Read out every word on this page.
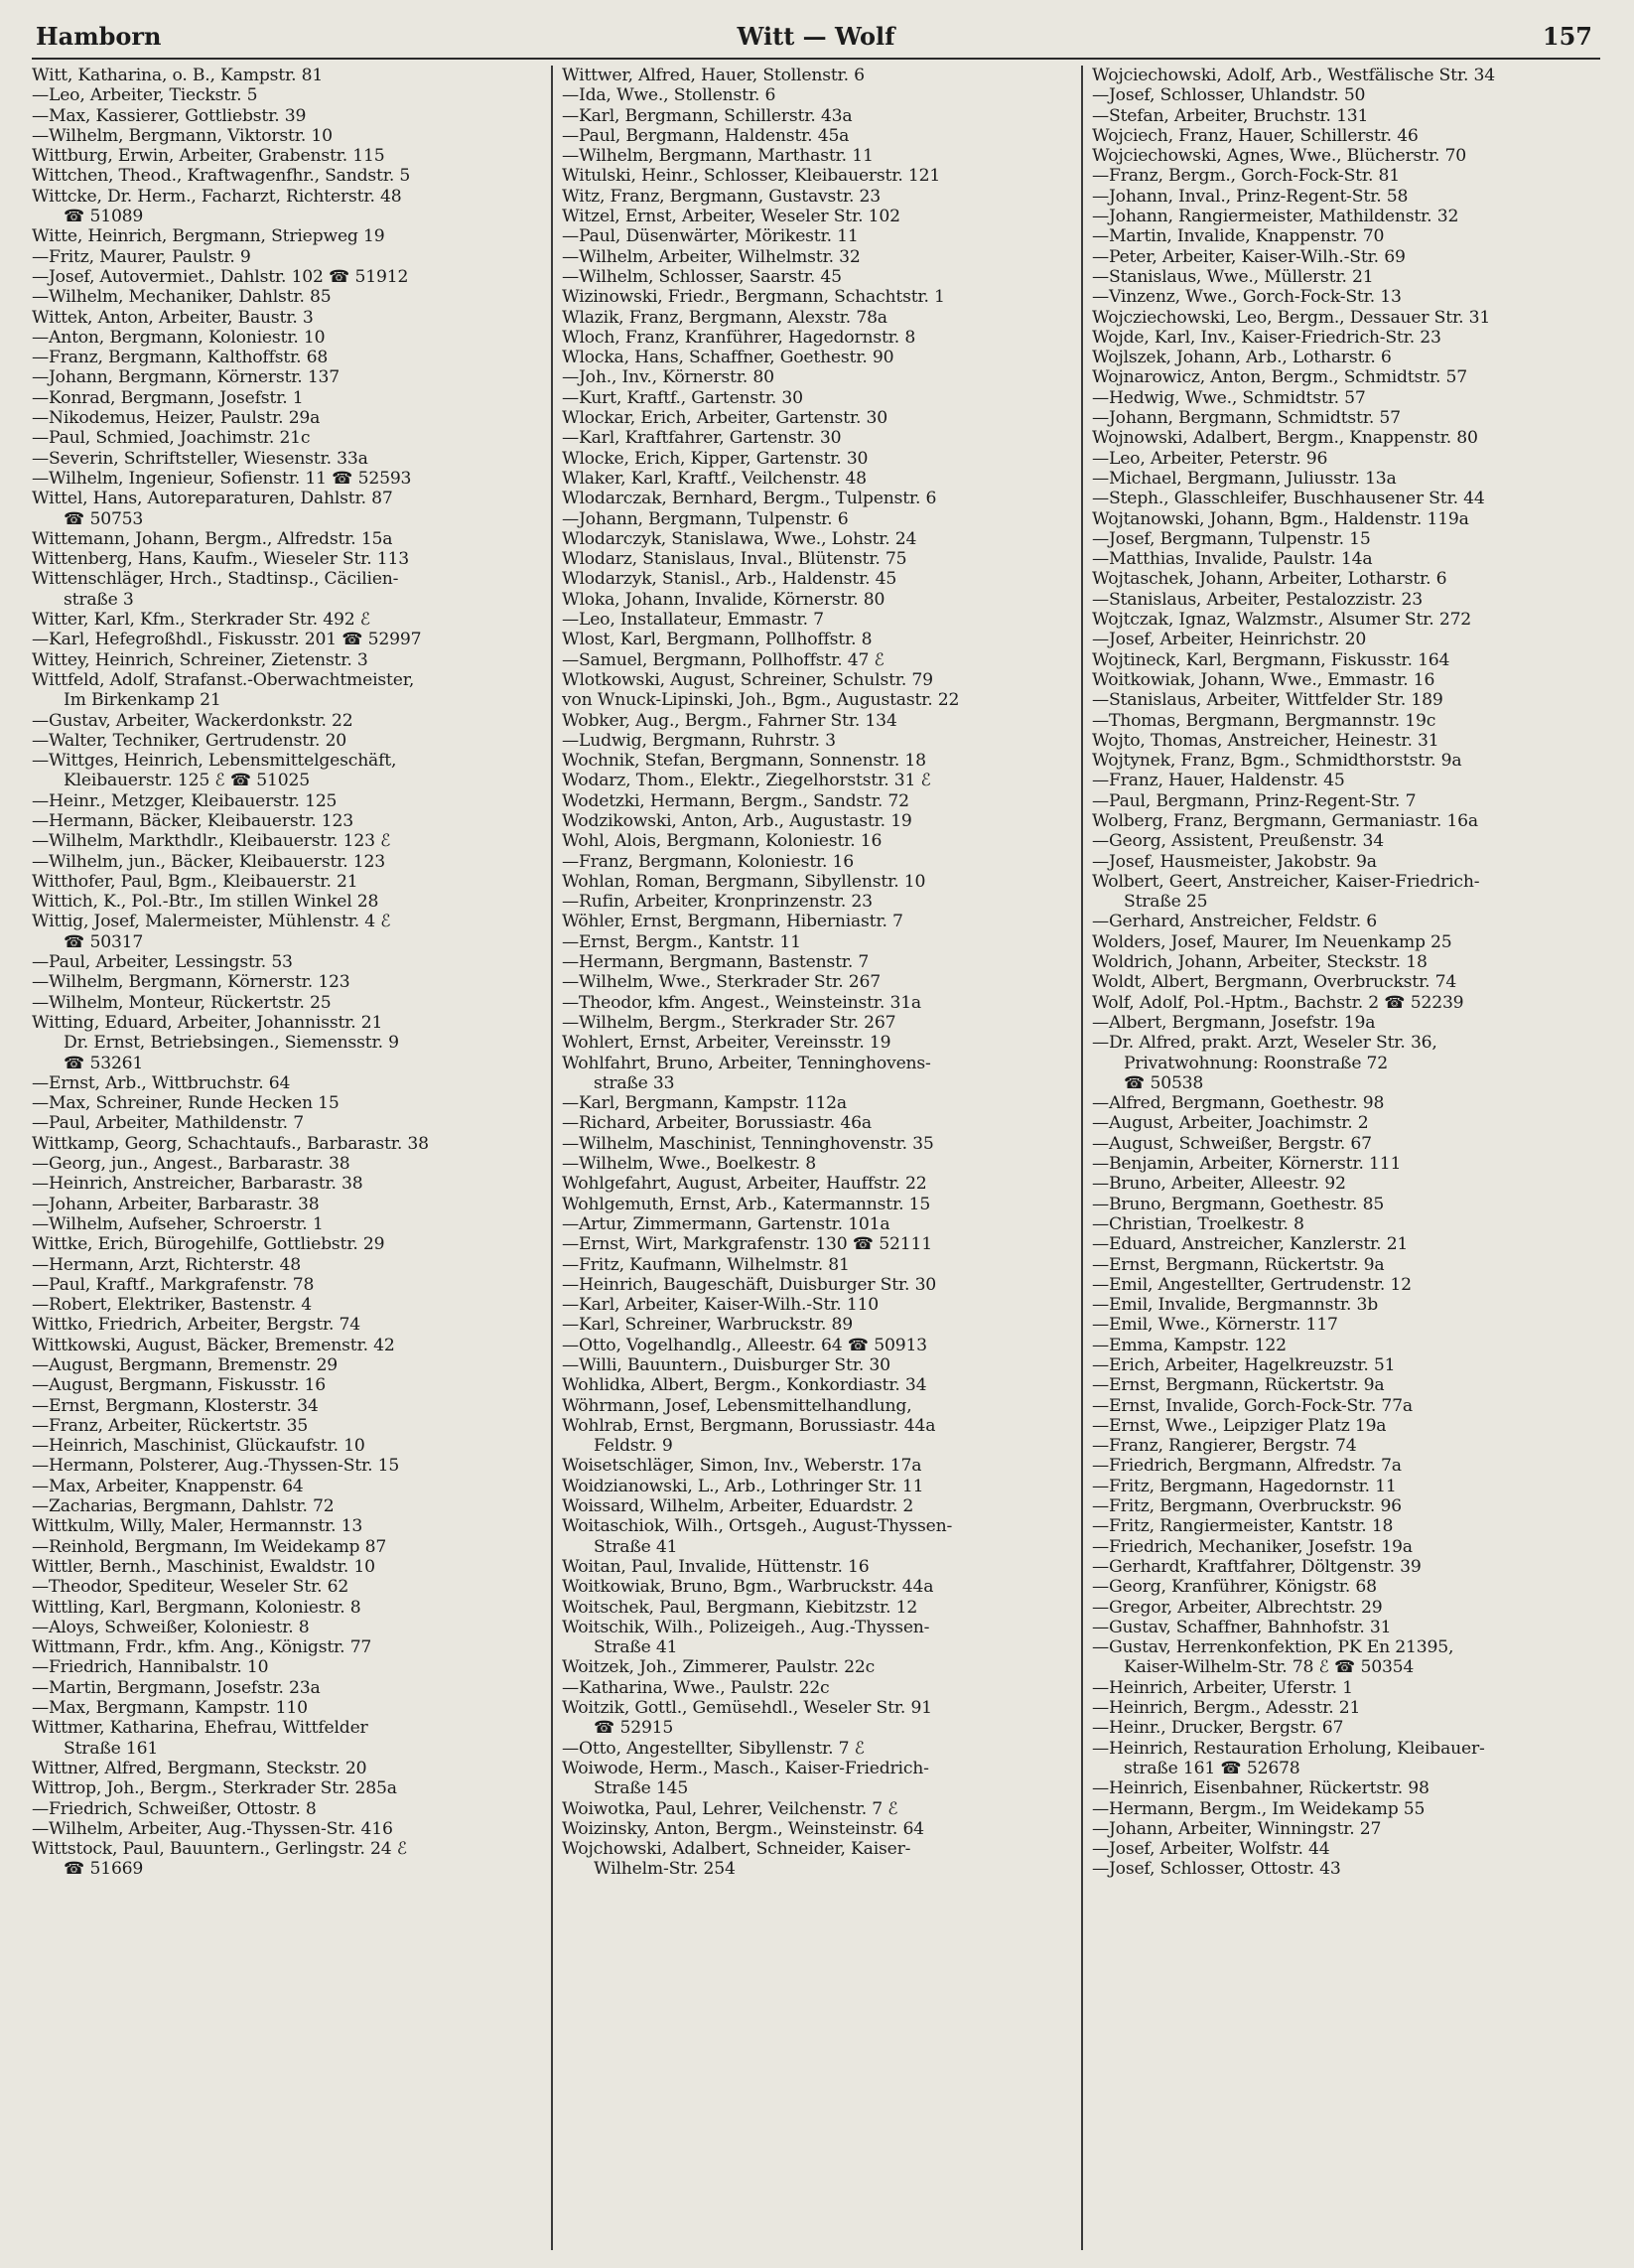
Hamborn	Witt — Wolf	157
Witt, Katharina, o. B., Kampstr. 81
—Leo, Arbeiter, Tieckstr. 5
—Max, Kassierer, Gottliebstr. 39
—Wilhelm, Bergmann, Viktorstr. 10
Wittburg, Erwin, Arbeiter, Grabenstr. 115
Wittchen, Theod., Kraftwagenfhr., Sandstr. 5
Wittcke, Dr. Herm., Facharzt, Richterstr. 48
☎ 51089
Witte, Heinrich, Bergmann, Striepweg 19
—Fritz, Maurer, Paulstr. 9
—Josef, Autovermiet., Dahlstr. 102 ☎ 51912
—Wilhelm, Mechaniker, Dahlstr. 85
Wittek, Anton, Arbeiter, Baustr. 3
—Anton, Bergmann, Koloniestr. 10
—Franz, Bergmann, Kalthoffstr. 68
—Johann, Bergmann, Körnerstr. 137
—Konrad, Bergmann, Josefstr. 1
—Nikodemus, Heizer, Paulstr. 29a
—Paul, Schmied, Joachimstr. 21c
—Severin, Schriftsteller, Wiesenstr. 33a
—Wilhelm, Ingenieur, Sofienstr. 11 ☎ 52593
Wittel, Hans, Autoreparaturen, Dahlstr. 87
☎ 50753
Wittemann, Johann, Bergm., Alfredstr. 15a
Wittenberg, Hans, Kaufm., Wieseler Str. 113
Wittenschläger, Hrch., Stadtinsp., Cäcilien-
straße 3
Witter, Karl, Kfm., Sterkrader Str. 492 ℰ
—Karl, Hefegroßhdl., Fiskusstr. 201 ☎ 52997
Wittey, Heinrich, Schreiner, Zietenstr. 3
Wittfeld, Adolf, Strafanst.-Oberwachtmeister,
Im Birkenkamp 21
—Gustav, Arbeiter, Wackerdonkstr. 22
—Walter, Techniker, Gertrudenstr. 20
—Wittges, Heinrich, Lebensmittelgeschäft,
Kleibauerstr. 125 ℰ ☎ 51025
—Heinr., Metzger, Kleibauerstr. 125
—Hermann, Bäcker, Kleibauerstr. 123
—Wilhelm, Markthdlr., Kleibauerstr. 123 ℰ
—Wilhelm, jun., Bäcker, Kleibauerstr. 123
Witthofer, Paul, Bgm., Kleibauerstr. 21
Wittich, K., Pol.-Btr., Im stillen Winkel 28
Wittig, Josef, Malermeister, Mühlenstr. 4 ℰ
☎ 50317
—Paul, Arbeiter, Lessingstr. 53
—Wilhelm, Bergmann, Körnerstr. 123
—Wilhelm, Monteur, Rückertstr. 25
Witting, Eduard, Arbeiter, Johannisstr. 21
Dr. Ernst, Betriebsingen., Siemensstr. 9
☎ 53261
—Ernst, Arb., Wittbruchstr. 64
—Max, Schreiner, Runde Hecken 15
—Paul, Arbeiter, Mathildenstr. 7
Wittkamp, Georg, Schachtaufs., Barbarastr. 38
—Georg, jun., Angest., Barbarastr. 38
—Heinrich, Anstreicher, Barbarastr. 38
—Johann, Arbeiter, Barbarastr. 38
—Wilhelm, Aufseher, Schroerstr. 1
Wittke, Erich, Bürogehilfe, Gottliebstr. 29
—Hermann, Arzt, Richterstr. 48
—Paul, Kraftf., Markgrafenstr. 78
—Robert, Elektriker, Bastenstr. 4
Wittko, Friedrich, Arbeiter, Bergstr. 74
Wittkowski, August, Bäcker, Bremenstr. 42
—August, Bergmann, Bremenstr. 29
—August, Bergmann, Fiskusstr. 16
—Ernst, Bergmann, Klosterstr. 34
—Franz, Arbeiter, Rückertstr. 35
—Heinrich, Maschinist, Glückaufstr. 10
—Hermann, Polsterer, Aug.-Thyssen-Str. 15
—Max, Arbeiter, Knappenstr. 64
—Zacharias, Bergmann, Dahlstr. 72
Wittkulm, Willy, Maler, Hermannstr. 13
—Reinhold, Bergmann, Im Weidekamp 87
Wittler, Bernh., Maschinist, Ewaldstr. 10
—Theodor, Spediteur, Weseler Str. 62
Wittling, Karl, Bergmann, Koloniestr. 8
—Aloys, Schweißer, Koloniestr. 8
Wittmann, Frdr., kfm. Ang., Königstr. 77
—Friedrich, Hannibalstr. 10
—Martin, Bergmann, Josefstr. 23a
—Max, Bergmann, Kampstr. 110
Wittmer, Katharina, Ehefrau, Wittfelder
Straße 161
Wittner, Alfred, Bergmann, Steckstr. 20
Wittrop, Joh., Bergm., Sterkrader Str. 285a
—Friedrich, Schweißer, Ottostr. 8
—Wilhelm, Arbeiter, Aug.-Thyssen-Str. 416
Wittstock, Paul, Bauuntern., Gerlingstr. 24 ℰ
☎ 51669
Wittwer, Alfred, Hauer, Stollenstr. 6
—Ida, Wwe., Stollenstr. 6
—Karl, Bergmann, Schillerstr. 43a
—Paul, Bergmann, Haldenstr. 45a
—Wilhelm, Bergmann, Marthastr. 11
Witulski, Heinr., Schlosser, Kleibauerstr. 121
Witz, Franz, Bergmann, Gustavstr. 23
Witzel, Ernst, Arbeiter, Weseler Str. 102
—Paul, Düsenwärter, Mörikestr. 11
—Wilhelm, Arbeiter, Wilhelmstr. 32
—Wilhelm, Schlosser, Saarstr. 45
Wizinowski, Friedr., Bergmann, Schachtstr. 1
Wlazik, Franz, Bergmann, Alexstr. 78a
Wloch, Franz, Kranführer, Hagedornstr. 8
Wlocka, Hans, Schaffner, Goethestr. 90
—Joh., Inv., Körnerstr. 80
—Kurt, Kraftf., Gartenstr. 30
Wlockar, Erich, Arbeiter, Gartenstr. 30
—Karl, Kraftfahrer, Gartenstr. 30
Wlocke, Erich, Kipper, Gartenstr. 30
Wlaker, Karl, Kraftf., Veilchenstr. 48
Wlodarczak, Bernhard, Bergm., Tulpenstr. 6
—Johann, Bergmann, Tulpenstr. 6
Wlodarczyk, Stanislawa, Wwe., Lohstr. 24
Wlodarz, Stanislaus, Inval., Blütenstr. 75
Wlodarzyk, Stanisl., Arb., Haldenstr. 45
Wloka, Johann, Invalide, Körnerstr. 80
—Leo, Installateur, Emmastr. 7
Wlost, Karl, Bergmann, Pollhoffstr. 8
—Samuel, Bergmann, Pollhoffstr. 47 ℰ
Wlotkowski, August, Schreiner, Schulstr. 79
von Wnuck-Lipinski, Joh., Bgm., Augustastr. 22
Wobker, Aug., Bergm., Fahrner Str. 134
—Ludwig, Bergmann, Ruhrstr. 3
Wochnik, Stefan, Bergmann, Sonnenstr. 18
Wodarz, Thom., Elektr., Ziegelhorststr. 31 ℰ
Wodetzki, Hermann, Bergm., Sandstr. 72
Wodzikowski, Anton, Arb., Augustastr. 19
Wohl, Alois, Bergmann, Koloniestr. 16
—Franz, Bergmann, Koloniestr. 16
Wohlan, Roman, Bergmann, Sibyllenstr. 10
—Rufin, Arbeiter, Kronprinzenstr. 23
Wöhler, Ernst, Bergmann, Hiberniastr. 7
—Ernst, Bergm., Kantstr. 11
—Hermann, Bergmann, Bastenstr. 7
—Wilhelm, Wwe., Sterkrader Str. 267
—Theodor, kfm. Angest., Weinsteinstr. 31a
—Wilhelm, Bergm., Sterkrader Str. 267
Wohlert, Ernst, Arbeiter, Vereinsstr. 19
Wohlfahrt, Bruno, Arbeiter, Tenninghovens-
straße 33
—Karl, Bergmann, Kampstr. 112a
—Richard, Arbeiter, Borussiastr. 46a
—Wilhelm, Maschinist, Tenninghovenstr. 35
—Wilhelm, Wwe., Boelkestr. 8
Wohlgefahrt, August, Arbeiter, Hauffstr. 22
Wohlgemuth, Ernst, Arb., Katermannstr. 15
—Artur, Zimmermann, Gartenstr. 101a
—Ernst, Wirt, Markgrafenstr. 130 ☎ 52111
—Fritz, Kaufmann, Wilhelmstr. 81
—Heinrich, Baugeschäft, Duisburger Str. 30
—Karl, Arbeiter, Kaiser-Wilh.-Str. 110
—Karl, Schreiner, Warbruckstr. 89
—Otto, Vogelhandlg., Alleestr. 64 ☎ 50913
—Willi, Bauuntern., Duisburger Str. 30
Wohlidka, Albert, Bergm., Konkordiastr. 34
Wöhrmann, Josef, Lebensmittelhandlung,
Wohlrab, Ernst, Bergmann, Borussiastr. 44a
Feldstr. 9
Woisetschläger, Simon, Inv., Weberstr. 17a
Woidzianowski, L., Arb., Lothringer Str. 11
Woissard, Wilhelm, Arbeiter, Eduardstr. 2
Woitaschiok, Wilh., Ortsgeh., August-Thyssen-
Straße 41
Woitan, Paul, Invalide, Hüttenstr. 16
Woitkowiak, Bruno, Bgm., Warbruckstr. 44a
Woitschek, Paul, Bergmann, Kiebitzstr. 12
Woitschik, Wilh., Polizeigeh., Aug.-Thyssen-
Straße 41
Woitzek, Joh., Zimmerer, Paulstr. 22c
—Katharina, Wwe., Paulstr. 22c
Woitzik, Gottl., Gemüsehdl., Weseler Str. 91
☎ 52915
—Otto, Angestellter, Sibyllenstr. 7 ℰ
Woiwode, Herm., Masch., Kaiser-Friedrich-
Straße 145
Woiwotka, Paul, Lehrer, Veilchenstr. 7 ℰ
Woizinsky, Anton, Bergm., Weinsteinstr. 64
Wojchowski, Adalbert, Schneider, Kaiser-
Wilhelm-Str. 254
Wojciechowski, Adolf, Arb., Westfälische Str. 34
—Josef, Schlosser, Uhlandstr. 50
—Stefan, Arbeiter, Bruchstr. 131
Wojciech, Franz, Hauer, Schillerstr. 46
Wojciechowski, Agnes, Wwe., Blücherstr. 70
—Franz, Bergm., Gorch-Fock-Str. 81
—Johann, Inval., Prinz-Regent-Str. 58
—Johann, Rangiermeister, Mathildenstr. 32
—Martin, Invalide, Knappenstr. 70
—Peter, Arbeiter, Kaiser-Wilh.-Str. 69
—Stanislaus, Wwe., Müllerstr. 21
—Vinzenz, Wwe., Gorch-Fock-Str. 13
Wojcziechowski, Leo, Bergm., Dessauer Str. 31
Wojde, Karl, Inv., Kaiser-Friedrich-Str. 23
Wojlszek, Johann, Arb., Lotharstr. 6
Wojnarowicz, Anton, Bergm., Schmidtstr. 57
—Hedwig, Wwe., Schmidtstr. 57
—Johann, Bergmann, Schmidtstr. 57
Wojnowski, Adalbert, Bergm., Knappenstr. 80
—Leo, Arbeiter, Peterstr. 96
—Michael, Bergmann, Juliusstr. 13a
—Steph., Glasschleifer, Buschhausener Str. 44
Wojtanowski, Johann, Bgm., Haldenstr. 119a
—Josef, Bergmann, Tulpenstr. 15
—Matthias, Invalide, Paulstr. 14a
Wojtaschek, Johann, Arbeiter, Lotharstr. 6
—Stanislaus, Arbeiter, Pestalozzistr. 23
Wojtczak, Ignaz, Walzmstr., Alsumer Str. 272
—Josef, Arbeiter, Heinrichstr. 20
Wojtineck, Karl, Bergmann, Fiskusstr. 164
Woitkowiak, Johann, Wwe., Emmastr. 16
—Stanislaus, Arbeiter, Wittfelder Str. 189
—Thomas, Bergmann, Bergmannstr. 19c
Wojto, Thomas, Anstreicher, Heinestr. 31
Wojtynek, Franz, Bgm., Schmidthorststr. 9a
—Franz, Hauer, Haldenstr. 45
—Paul, Bergmann, Prinz-Regent-Str. 7
Wolberg, Franz, Bergmann, Germaniastr. 16a
—Georg, Assistent, Preußenstr. 34
—Josef, Hausmeister, Jakobstr. 9a
Wolbert, Geert, Anstreicher, Kaiser-Friedrich-
Straße 25
—Gerhard, Anstreicher, Feldstr. 6
Wolders, Josef, Maurer, Im Neuenkamp 25
Woldrich, Johann, Arbeiter, Steckstr. 18
Woldt, Albert, Bergmann, Overbruckstr. 74
Wolf, Adolf, Pol.-Hptm., Bachstr. 2 ☎ 52239
—Albert, Bergmann, Josefstr. 19a
—Dr. Alfred, prakt. Arzt, Weseler Str. 36,
Privatwohnung: Roonstraße 72
☎ 50538
—Alfred, Bergmann, Goethestr. 98
—August, Arbeiter, Joachimstr. 2
—August, Schweißer, Bergstr. 67
—Benjamin, Arbeiter, Körnerstr. 111
—Bruno, Arbeiter, Alleestr. 92
—Bruno, Bergmann, Goethestr. 85
—Christian, Troelkestr. 8
—Eduard, Anstreicher, Kanzlerstr. 21
—Ernst, Bergmann, Rückertstr. 9a
—Emil, Angestellter, Gertrudenstr. 12
—Emil, Invalide, Bergmannstr. 3b
—Emil, Wwe., Körnerstr. 117
—Emma, Kampstr. 122
—Erich, Arbeiter, Hagelkreuzstr. 51
—Ernst, Bergmann, Rückertstr. 9a
—Ernst, Invalide, Gorch-Fock-Str. 77a
—Ernst, Wwe., Leipziger Platz 19a
—Franz, Rangierer, Bergstr. 74
—Friedrich, Bergmann, Alfredstr. 7a
—Fritz, Bergmann, Hagedornstr. 11
—Fritz, Bergmann, Overbruckstr. 96
—Fritz, Rangiermeister, Kantstr. 18
—Friedrich, Mechaniker, Josefstr. 19a
—Gerhardt, Kraftfahrer, Döltgenstr. 39
—Georg, Kranführer, Königstr. 68
—Gregor, Arbeiter, Albrechtstr. 29
—Gustav, Schaffner, Bahnhofstr. 31
—Gustav, Herrenkonfektion, PK En 21395,
Kaiser-Wilhelm-Str. 78 ℰ ☎ 50354
—Heinrich, Arbeiter, Uferstr. 1
—Heinrich, Bergm., Adesstr. 21
—Heinr., Drucker, Bergstr. 67
—Heinrich, Restauration Erholung, Kleibauer-
straße 161 ☎ 52678
—Heinrich, Eisenbahner, Rückertstr. 98
—Hermann, Bergm., Im Weidekamp 55
—Johann, Arbeiter, Winningstr. 27
—Josef, Arbeiter, Wolfstr. 44
—Josef, Schlosser, Ottostr. 43
